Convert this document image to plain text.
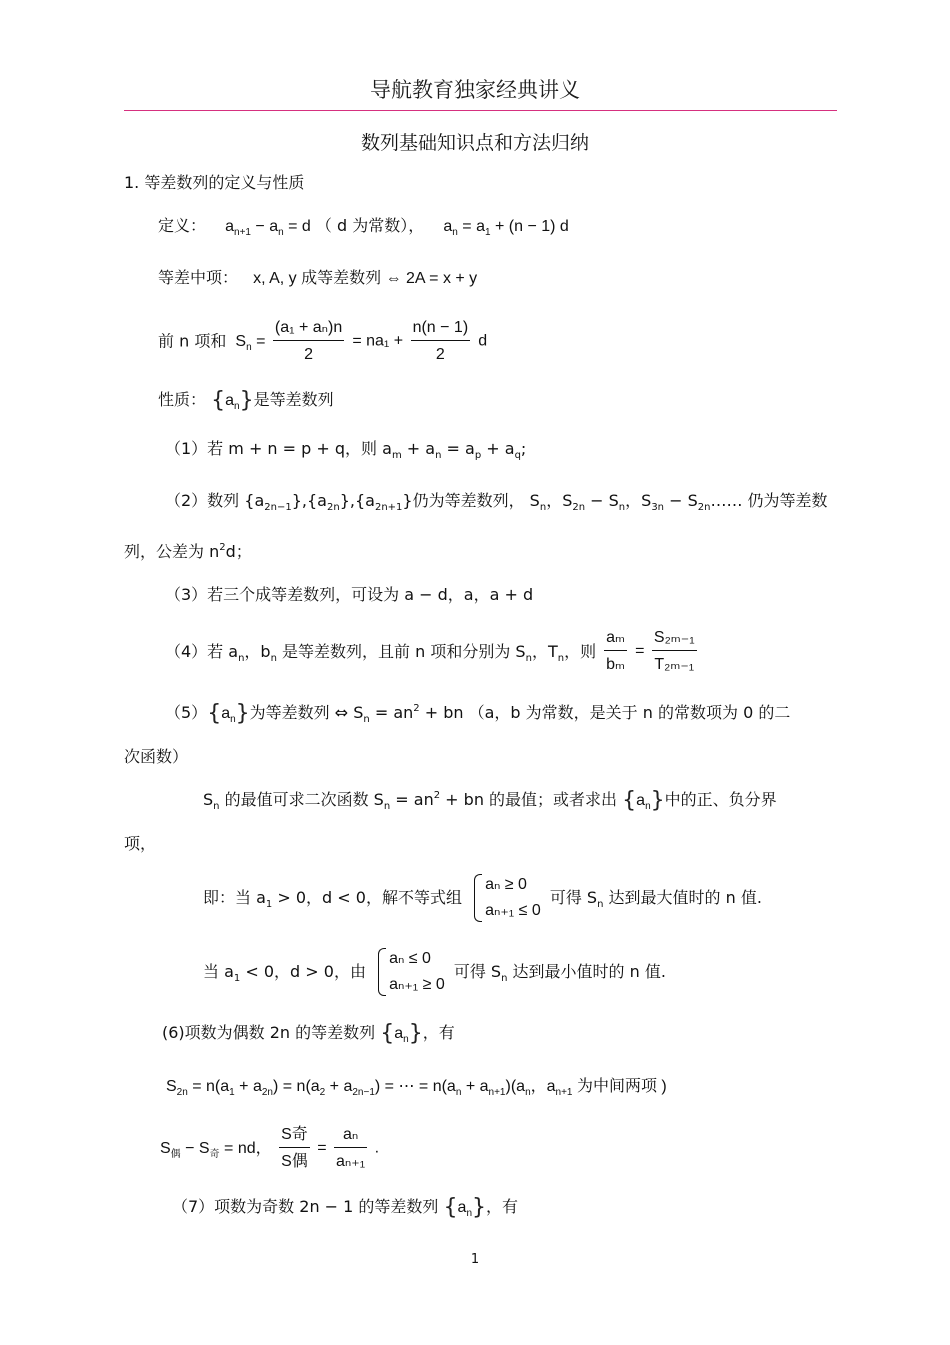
导航教育独家经典讲义
数列基础知识点和方法归纳
1. 等差数列的定义与性质
定义： $a_{n+1} - a_n = d$ （ d 为常数）， $a_n = a_1 + (n - 1)$ d
等差中项： x, A, y 成等差数列 ⇔ 2A = x + y
前 n 项和 $S_n = \frac{\text{(a₁ + aₙ)n}}{2} = na_1 + \frac{n(n - 1)}{2}$ d
性质： $\{a_n\}$是等差数列
（1）若 m + n = p + q，则 $a_m + a_n = a_p + a_q$;
（2）数列 $\{a_{2n-1}\},\{a_{2n}\},\{a_{2n+1}\}$仍为等差数列， $S_n$，$S_{2n} - S_n$，$S_{3n}$ − $S_{2n}\dots\dots$ 仍为等差数
列，公差为 $n^2d$；
（3）若三个成等差数列，可设为 a − d，a，a + d
（4）若 $a_n$，$b_n$ 是等差数列，且前 n 项和分别为 $S_n$，$T_n$，则 $\frac{\text{aₘ}}{\text{bₘ}} = \frac{\text{S₂ₘ₋₁}}{\text{T₂ₘ₋₁}}$
$(5)\{a_n\}$为等差数列 ⇔ $S_n = an^2$ + bn （a，b 为常数，是关于 n 的常数项为 0 的二
次函数）
$S_n$ 的最值可求二次函数 $S_n = an^2$ + bn 的最值；或者求出 $\{a_n\}$中的正、负分界
项，
即：当 $a_1 > 0$，d < 0，解不等式组
aₙ ≥ 0
aₙ₊₁ ≤ 0
可得 $S_n$ 达到最大值时的 n 值.
当 $a_1 < 0$，d > 0，由
aₙ ≤ 0
aₙ₊₁ ≥ 0
可得 $S_n$ 达到最小值时的 n 值.
(6)项数为偶数 2n 的等差数列 $\{a_n\}$，有
$S_{2n} = n(a_1 + a_{2n}) = n(a_2 + a_{2n-1})$ = ⋯ = $n(a_n + a_{n+1})(a_n$，$a_{n+1}$ 为中间两项 )
$S_偶 - S_奇$ = nd， $\frac{\text{S奇}}{\text{S偶}} = \frac{\text{aₙ}}{\text{aₙ₊₁}}$ .
（7）项数为奇数 2n − 1 的等差数列 $\{a_n\}$，有
1
